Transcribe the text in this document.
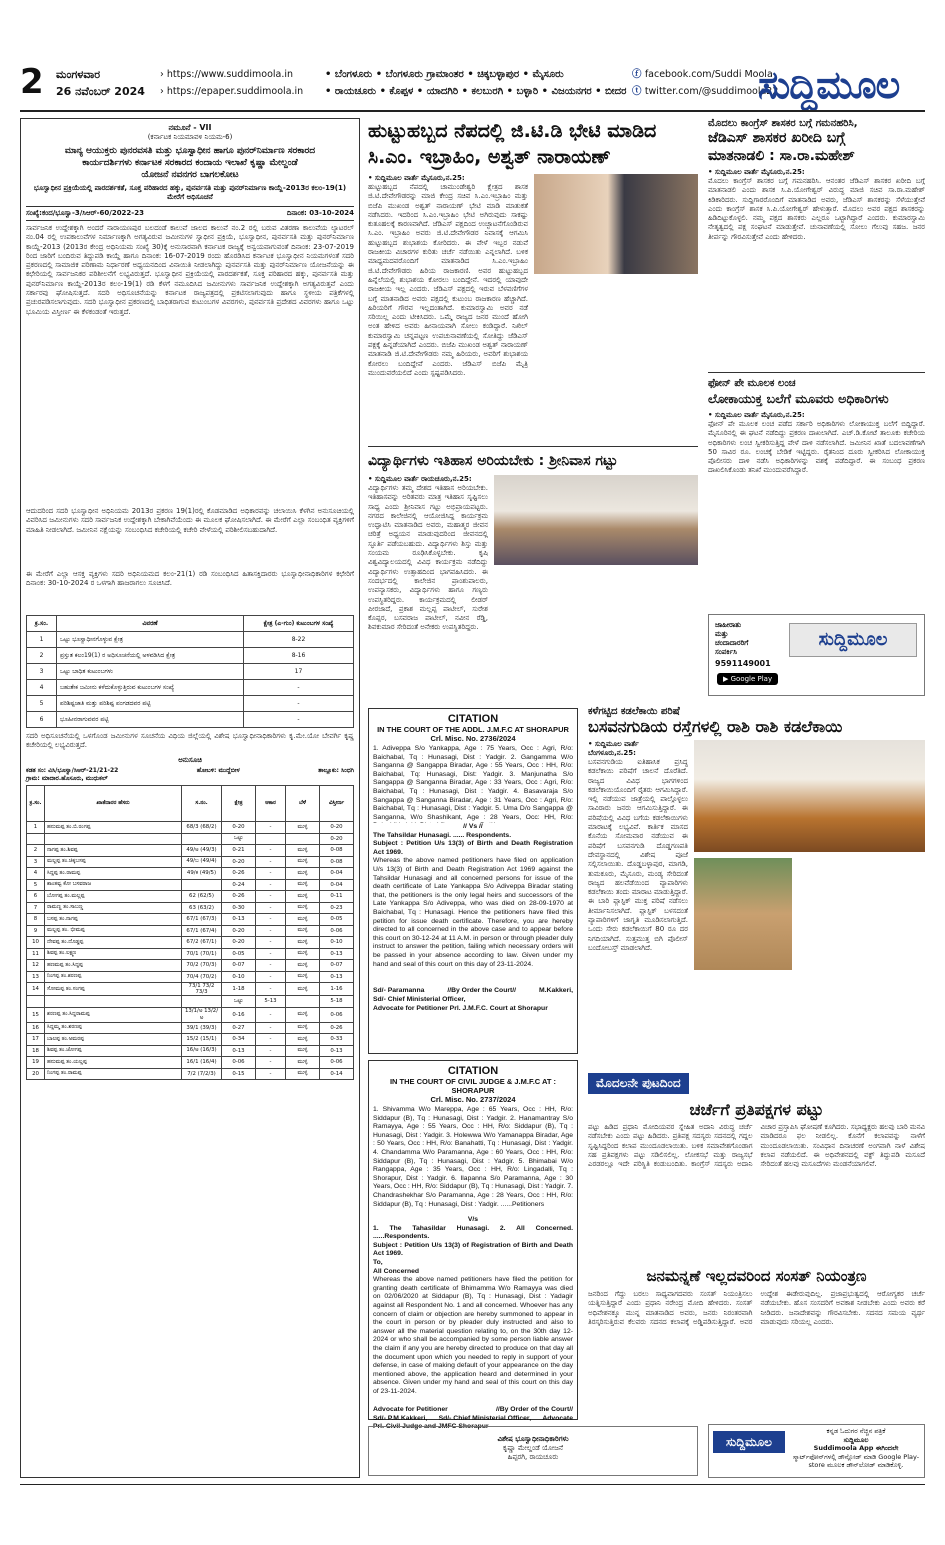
2 ಮಂಗಳವಾರ
26 ನವೆಂಬರ್ 2024
› https://www.suddimoola.in
› https://epaper.suddimoola.in
• ಬೆಂಗಳೂರು • ಬೆಂಗಳೂರು ಗ್ರಾಮಾಂತರ • ಚಿಕ್ಕಬಳ್ಳಾಪುರ • ಮೈಸೂರು
• ರಾಯಚೂರು • ಕೊಪ್ಪಳ • ಯಾದಗಿರಿ • ಕಲಬುರಗಿ • ಬಳ್ಳಾರಿ • ವಿಜಯನಗರ • ಬೀದರ
ⓕ facebook.com/Suddi Moola
ⓣ twitter.com/@suddimoola22
ಸುದ್ದಿಮೂಲ
ನಮೂನೆ - VII
(ಕರ್ನಾಟಕ ನಿಯಮಾವಳಿ ನಿಯಮ-6)
ಮಾನ್ಯ ಆಯುಕ್ತರು ಪುನರವಸತಿ ಮತ್ತು ಭೂಸ್ವಾಧೀನ ಹಾಗೂ ಪುನರ್‌ನಿರ್ಮಾಣ ಸರಕಾರದ
ಕಾರ್ಯದರ್ಶಿಗಳು ಕರ್ನಾಟಕ ಸರಕಾರದ ಕಂದಾಯ ಇಲಾಖೆ ಕೃಷ್ಣಾ ಮೇಲ್ದಂಡೆ
ಯೋಜನೆ ನವನಗರ ಬಾಗಲಕೋಟ
ಭೂಸ್ವಾಧೀನ ಪ್ರಕ್ರಿಯೆಯಲ್ಲಿ ಪಾರದರ್ಶಕತೆ, ಸೂಕ್ತ ಪರಿಹಾರದ ಹಕ್ಕು, ಪುನರ್ವಸತಿ ಮತ್ತು ಪುನರ್‌ನಿರ್ಮಾಣ ಕಾಯ್ದೆ-2013ರ ಕಲಂ-19(1) ಮೇರೆಗೆ ಅಧಿಸೂಚನೆ
ಸಂಖ್ಯೆ:ಕಂದ/ಭೂಸ್ವಾ-3/ಸಿಆರ್-60/2022-23	ದಿನಾಂಕ: 03-10-2024
ಸಾರ್ವಜನಿಕ ಉದ್ದೇಶಕ್ಕಾಗಿ ಅಂದರೆ ನಾರಾಯಣಪುರ ಬಲದಂಡೆ ಕಾಲುವೆ ಜಾಲದ ಕಾಲುವೆ ನಂ.2 ರಲ್ಲಿ ಬರುವ ವಿತರಣಾ ಕಾಲುವೆಯ ಲ್ಯಾಟರಲ್ ನಂ.04 ರಲ್ಲಿ ಉಪಕಾಲುವೆಗಳ ನಿರ್ಮಾಣಕ್ಕಾಗಿ ಅಗತ್ಯವಿರುವ ಜಮೀನುಗಳ ಸ್ವಾಧೀನ ಪ್ರಕ್ರಿಯೆ, ಭೂಸ್ವಾಧೀನ, ಪುನರ್ವಸತಿ ಮತ್ತು ಪುನರ್‌ನಿರ್ಮಾಣ ಕಾಯ್ದೆ-2013 (2013ರ ಕೇಂದ್ರ ಅಧಿನಿಯಮ ಸಂಖ್ಯೆ 30)ಕ್ಕೆ ಅನುಸಾರವಾಗಿ ಕರ್ನಾಟಕ ರಾಜ್ಯಕ್ಕೆ ಅನ್ವಯವಾಗುವಂತೆ ದಿನಾಂಕ: 23-07-2019 ರಿಂದ ಜಾರಿಗೆ ಬಂದಿರುವ ತಿದ್ದುಪಡಿ ಕಾಯ್ದೆ ಹಾಗೂ ದಿನಾಂಕ: 16-07-2019 ರಂದು ಹೊರಡಿಸಿದ ಕರ್ನಾಟಕ ಭೂಸ್ವಾಧೀನ ನಿಯಮಗಳಂತೆ ಸದರಿ ಪ್ರಕರಣದಲ್ಲಿ ಸಾಮಾಜಿಕ ಪರಿಣಾಮ ನಿರ್ಧಾರಣೆ ಅಧ್ಯಯನದಿಂದ ವಿನಾಯಿತಿ ನೀಡಲಾಗಿದ್ದು ಪುನರ್ವಸತಿ ಮತ್ತು ಪುನರ್‌ನಿರ್ಮಾಣ ಯೋಜನೆಯನ್ನು ಈ ಕಛೇರಿಯಲ್ಲಿ ಸಾರ್ವಜನಿಕರ ಪರಿಶೀಲನೆಗೆ ಲಭ್ಯವಿರುತ್ತದೆ. ಭೂಸ್ವಾಧೀನ ಪ್ರಕ್ರಿಯೆಯಲ್ಲಿ ಪಾರದರ್ಶಕತೆ, ಸೂಕ್ತ ಪರಿಹಾರದ ಹಕ್ಕು, ಪುನರ್ವಸತಿ ಮತ್ತು ಪುನರ್‌ನಿರ್ಮಾಣ ಕಾಯ್ದೆ-2013ರ ಕಲಂ-19(1) ರಡಿ ಕೆಳಗೆ ನಮೂದಿಸಿದ ಜಮೀನುಗಳು ಸಾರ್ವಜನಿಕ ಉದ್ದೇಶಕ್ಕಾಗಿ ಅಗತ್ಯವಿರುತ್ತವೆ ಎಂದು ಸರ್ಕಾರವು ಘೋಷಿಸುತ್ತದೆ. ಸದರಿ ಅಧಿಸೂಚನೆಯನ್ನು ಕರ್ನಾಟಕ ರಾಜ್ಯಪತ್ರದಲ್ಲಿ ಪ್ರಕಟಿಸಲಾಗುವುದು ಹಾಗೂ ಸ್ಥಳೀಯ ಪತ್ರಿಕೆಗಳಲ್ಲಿ ಪ್ರಚುರಪಡಿಸಲಾಗುವುದು. ಸದರಿ ಭೂಸ್ವಾಧೀನ ಪ್ರಕರಣದಲ್ಲಿ ಬಾಧಿತರಾಗುವ ಕುಟುಂಬಗಳ ವಿವರಗಳು, ಪುನರ್ವಸತಿ ಪ್ರದೇಶದ ವಿವರಗಳು ಹಾಗೂ ಒಟ್ಟು ಭೂಮಿಯ ವಿಸ್ತೀರ್ಣ ಈ ಕೆಳಕಂಡಂತೆ ಇರುತ್ತದೆ.
ಆದುದರಿಂದ ಸದರಿ ಭೂಸ್ವಾಧೀನ ಅಧಿನಿಯಮ 2013ರ ಪ್ರಕರಣ 19(1)ರಲ್ಲಿ ಕೊಡಮಾಡಿದ ಅಧಿಕಾರವನ್ನು ಚಲಾಯಿಸಿ ಕೆಳಗಿನ ಅನುಸೂಚಿಯಲ್ಲಿ ವಿವರಿಸಿದ ಜಮೀನುಗಳು ಸದರಿ ಸಾರ್ವಜನಿಕ ಉದ್ದೇಶಕ್ಕಾಗಿ ಬೇಕಾಗಿವೆಯೆಂದು ಈ ಮೂಲಕ ಘೋಷಿಸಲಾಗಿದೆ. ಈ ಮೇರೆಗೆ ಎಲ್ಲಾ ಸಂಬಂಧಿತ ವ್ಯಕ್ತಿಗಳಿಗೆ ಮಾಹಿತಿ ನೀಡಲಾಗಿದೆ. ಜಮೀನಿನ ನಕ್ಷೆಯನ್ನು ಸಂಬಂಧಿಸಿದ ಕಚೇರಿಯಲ್ಲಿ ಕಚೇರಿ ವೇಳೆಯಲ್ಲಿ ಪರಿಶೀಲಿಸಬಹುದಾಗಿದೆ.
ಈ ಮೇರೆಗೆ ಎಲ್ಲಾ ಆಸಕ್ತ ವ್ಯಕ್ತಿಗಳು ಸದರಿ ಅಧಿನಿಯಮದ ಕಲಂ-21(1) ರಡಿ ಸಂಬಂಧಿಸಿದ ಹಿತಾಸಕ್ತಿದಾರರು ಭೂಸ್ವಾಧೀನಾಧಿಕಾರಿಗಳ ಕಛೇರಿಗೆ ದಿನಾಂಕ: 30-10-2024 ರ ಒಳಗಾಗಿ ಹಾಜರಾಗಲು ಸೂಚಿಸಿದೆ.
ಕ್ರ.ಸಂ.	ವಿವರಣೆ	ಕ್ಷೇತ್ರ (ಎ-ಗುಂ) ಕುಟುಂಬಗಳ ಸಂಖ್ಯೆ
1	ಒಟ್ಟು ಭೂಸ್ವಾಧೀನಗೊಳ್ಳುವ ಕ್ಷೇತ್ರ	8-22
2	ಪ್ರಸ್ತುತ ಕಲಂ19(1) ರ ಅಧಿಸೂಚನೆಯಲ್ಲಿ ಅಳವಡಿಸಿದ ಕ್ಷೇತ್ರ	8-16
3	ಒಟ್ಟು ಬಾಧಿತ ಕುಟುಂಬಗಳು	17
4	ಬಹುತೇಕ ಜಮೀನು ಕಳೆದುಕೊಳ್ಳುತ್ತಿರುವ ಕುಟುಂಬಗಳ ಸಂಖ್ಯೆ	-
5	ಪರಿಶಿಷ್ಟಜಾತಿ ಮತ್ತು ಪರಿಶಿಷ್ಟ ಪಂಗಡದವರ ಪಟ್ಟಿ	-
6	ಭೂಹೀನರಾಗುವವರ ಪಟ್ಟಿ	-
ಸದರಿ ಅಧಿಸೂಚನೆಯಲ್ಲಿ ಒಳಗೊಂಡ ಜಮೀನುಗಳ ಸೂಚನೆಯ ವಿಧಿಯ ಜಿಲ್ಲೆಯಲ್ಲಿ ವಿಶೇಷ ಭೂಸ್ವಾಧೀನಾಧಿಕಾರಿಗಳು ಕೃ.ಮೇ.ಯೋ ಬೇವರ್ಗಿ ಕೃಷ್ಣ ಕಚೇರಿಯಲ್ಲಿ ಲಭ್ಯವಿರುತ್ತದೆ.
ಅನುಸೂಚಿ
ಕಡತ ಸಂ: ವಿಸಿ/ಭೂಸ್ವಾ/ಸಿಆರ್-21/21-22	ಹೋಬಳಿ: ಮುದ್ದೆಬೀಳ	ತಾಲ್ಲೂಕು: ಸಿಂಧಗಿ
ಗ್ರಾಮ: ಮಾದಾರ.ಹೊಸೂರು, ಮುಧುಕಲ್
ಕ್ರ.ಸಂ.	ಖಾತೆದಾರರ ಹೆಸರು	ಸ.ನಂ.	ಕ್ಷೇತ್ರ	ಆಕಾರ	ಬೆಳೆ	ವಿಸ್ತೀರ್ಣ
1	ಹನುಮಪ್ಪ ತಂ.ಬಿ.ರಂಗಪ್ಪ	68/3 (68/2)	0-20	-	ಮುಳ್ಳಿ	0-20
			ಒಟ್ಟು			0-20
2	ನಾಗಪ್ಪ ತಂ.ಶಿವಪ್ಪ	49/ಅ (49/3)	0-21	-	ಮುಳ್ಳಿ	0-08
3	ಮಲ್ಲಪ್ಪ ತಂ.ಚಿಕ್ಕಬಸಪ್ಪ	49/ಬ (49/4)	0-20	-	ಮುಳ್ಳಿ	0-08
4	ಸಿದ್ದಪ್ಪ ತಂ.ರಾಮಪ್ಪ	49/ಕ (49/5)	0-26	-	ಮುಳ್ಳಿ	0-04
5	ಶಾಂತವ್ವ ಕೋ ಬಸವರಾಜ		0-24	-	ಮುಳ್ಳಿ	0-04
6	ಬೋಗಪ್ಪ ತಂ.ಮಲ್ಲಪ್ಪ	62 (62/5)	0-26	-	ಮುಳ್ಳಿ	0-11
7	ರಾಮಣ್ಣ ತಂ.ಸಾಬಣ್ಣ	63 (63/2)	0-30	-	ಮುಳ್ಳಿ	0-23
8	ಬಸಪ್ಪ ತಂ.ನಾಗಪ್ಪ	67/1 (67/3)	0-13	-	ಮುಳ್ಳಿ	0-05
9	ಮಲ್ಲಪ್ಪ ತಂ. ಭೀಮಪ್ಪ	67/1 (67/4)	0-20	-	ಮುಳ್ಳಿ	0-06
10	ದೇವಪ್ಪ ತಂ.ದೊಡ್ಡಪ್ಪ	67/2 (67/1)	0-20	-	ಮುಳ್ಳಿ	0-10
11	ಶಿವಪ್ಪ ತಂ.ಲಕ್ಷ್ಮಣ	70/1 (70/1)	0-05	-	ಮುಳ್ಳಿ	0-13
12	ಹಣಮಪ್ಪ ತಂ.ಸಿದ್ದಪ್ಪ	70/2 (70/3)	0-07	-	ಮುಳ್ಳಿ	0-07
13	ನಿಂಗಪ್ಪ ತಂ.ಶರಣಪ್ಪ	70/4 (70/2)	0-10	-	ಮುಳ್ಳಿ	0-13
14	ಸೋಮಪ್ಪ ತಂ.ಸಂಗಪ್ಪ	73/1 73/2 73/3	1-18	-	ಮುಳ್ಳಿ	1-16
			ಒಟ್ಟು	5-13		5-18
15	ಶರಣಪ್ಪ ತಂ.ಸಿದ್ದರಾಮಪ್ಪ	13/1/ಅ 13/2/ಅ	0-16	-	ಮುಳ್ಳಿ	0-06
16	ಸಿದ್ದಮ್ಮ ತಂ.ಶರಣಪ್ಪ	39/1 (39/3)	0-27	-	ಮುಳ್ಳಿ	0-26
17	ಬಾಲಪ್ಪ ತಂ.ಅಮರಪ್ಪ	15/2 (15/1)	0-34	-	ಮುಳ್ಳಿ	0-33
18	ಶಿವಪ್ಪ ತಂ.ಜೋಗಪ್ಪ	16/ಅ (16/3)	0-13	-	ಮುಳ್ಳಿ	0-13
19	ಹನುಮಪ್ಪ ತಂ.ಯಲ್ಲಪ್ಪ	16/1 (16/4)	0-06	-	ಮುಳ್ಳಿ	0-06
20	ನಿಂಗಪ್ಪ ತಂ.ರಾಮಪ್ಪ	7/2 (7/2/3)	0-15	-	ಮುಳ್ಳಿ	0-14
ಹುಟ್ಟುಹಬ್ಬದ ನೆಪದಲ್ಲಿ ಜಿ.ಟಿ.ಡಿ ಭೇಟಿ ಮಾಡಿದ
ಸಿ.ಎಂ. ಇಬ್ರಾಹಿಂ, ಅಶ್ವತ್ ನಾರಾಯಣ್
• ಸುದ್ದಿಮೂಲ ವಾರ್ತೆ ಮೈಸೂರು,ನ.25:
ಹುಟ್ಟುಹಬ್ಬದ ನೆಪದಲ್ಲಿ ಚಾಮುಂಡೇಶ್ವರಿ ಕ್ಷೇತ್ರದ ಶಾಸಕ ಜಿ.ಟಿ.ದೇವೇಗೌಡರನ್ನು ಮಾಜಿ ಕೇಂದ್ರ ಸಚಿವ ಸಿ.ಎಂ.ಇಬ್ರಾಹಿಂ ಮತ್ತು ಬಿಜೆಪಿ ಮುಖಂಡ ಅಶ್ವತ್ ನಾರಾಯಣ್ ಭೇಟಿ ಮಾಡಿ ಮಾತುಕತೆ ನಡೆಸಿದರು. ಇದರಿಂದ ಸಿ.ಎಂ.ಇಬ್ರಾಹಿಂ ಭೇಟಿ ಅಗಿರುವುದು ಸಾಕಷ್ಟು ಕುತೂಹಲಕ್ಕೆ ಕಾರಣವಾಗಿದೆ. ಜೆಡಿಎಸ್ ಪಕ್ಷದಿಂದ ಉಚ್ಛಾಟನೆಗೊಂಡಿರುವ ಸಿ.ಎಂ. ಇಬ್ರಾಹಿಂ ಅವರು ಜಿ.ಟಿ.ದೇವೇಗೌಡರ ನಿವಾಸಕ್ಕೆ ಆಗಮಿಸಿ ಹುಟ್ಟುಹಬ್ಬದ ಶುಭಾಶಯ ಕೋರಿದರು. ಈ ವೇಳೆ ಇಬ್ಬರ ನಡುವೆ ರಾಜಕೀಯ ವಿಚಾರಗಳ ಕುರಿತು ಚರ್ಚೆ ನಡೆಯಿತು ಎನ್ನಲಾಗಿದೆ. ಬಳಿಕ ಮಾಧ್ಯಮದವರೊಂದಿಗೆ ಮಾತನಾಡಿದ ಸಿ.ಎಂ.ಇಬ್ರಾಹಿಂ ಜಿ.ಟಿ.ದೇವೇಗೌಡರು ಹಿರಿಯ ರಾಜಕಾರಣಿ. ಅವರ ಹುಟ್ಟುಹಬ್ಬದ ಹಿನ್ನೆಲೆಯಲ್ಲಿ ಶುಭಾಶಯ ಕೋರಲು ಬಂದಿದ್ದೇನೆ. ಇದರಲ್ಲಿ ಯಾವುದೇ ರಾಜಕೀಯ ಇಲ್ಲ ಎಂದರು. ಜೆಡಿಎಸ್ ಪಕ್ಷದಲ್ಲಿ ಇರುವ ಬೆಳವಣಿಗೆಗಳ ಬಗ್ಗೆ ಮಾತನಾಡಿದ ಅವರು ಪಕ್ಷದಲ್ಲಿ ಕುಟುಂಬ ರಾಜಕಾರಣ ಹೆಚ್ಚಾಗಿದೆ. ಹಿರಿಯರಿಗೆ ಗೌರವ ಇಲ್ಲದಂತಾಗಿದೆ. ಕುಮಾರಸ್ವಾಮಿ ಅವರ ನಡೆ ಸರಿಯಿಲ್ಲ ಎಂದು ಟೀಕಿಸಿದರು. ಒಮ್ಮೆ ರಾಜ್ಯದ ಜನರ ಮುಂದೆ ಹೋಗಿ ಅಂತ ಹೇಳಿದ ಅವರು ಹೀನಾಯವಾಗಿ ಸೋಲು ಕಂಡಿದ್ದಾರೆ. ನಿಖಿಲ್ ಕುಮಾರಸ್ವಾಮಿ ಚನ್ನಪಟ್ಟಣ ಉಪಚುನಾವಣೆಯಲ್ಲಿ ಸೋತಿದ್ದು ಜೆಡಿಎಸ್ ಪಕ್ಷಕ್ಕೆ ಹಿನ್ನಡೆಯಾಗಿದೆ ಎಂದರು. ಬಿಜೆಪಿ ಮುಖಂಡ ಅಶ್ವತ್ ನಾರಾಯಣ್ ಮಾತನಾಡಿ ಜಿ.ಟಿ.ದೇವೇಗೌಡರು ನಮ್ಮ ಹಿರಿಯರು, ಅವರಿಗೆ ಶುಭಾಶಯ ಕೋರಲು ಬಂದಿದ್ದೇವೆ ಎಂದರು. ಜೆಡಿಎಸ್ ಬಿಜೆಪಿ ಮೈತ್ರಿ ಮುಂದುವರೆಯಲಿದೆ ಎಂದು ಸ್ಪಷ್ಟಪಡಿಸಿದರು.
ವಿದ್ಯಾರ್ಥಿಗಳು ಇತಿಹಾಸ ಅರಿಯಬೇಕು : ಶ್ರೀನಿವಾಸ ಗಟ್ಟು
• ಸುದ್ದಿಮೂಲ ವಾರ್ತೆ ರಾಯಚೂರು,ನ.25:
ವಿದ್ಯಾರ್ಥಿಗಳು ತಮ್ಮ ದೇಶದ ಇತಿಹಾಸ ಅರಿಯಬೇಕು. ಇತಿಹಾಸವನ್ನು ಅರಿತವರು ಮಾತ್ರ ಇತಿಹಾಸ ಸೃಷ್ಟಿಸಲು ಸಾಧ್ಯ ಎಂದು ಶ್ರೀನಿವಾಸ ಗಟ್ಟು ಅಭಿಪ್ರಾಯಪಟ್ಟರು. ನಗರದ ಕಾಲೇಜಿನಲ್ಲಿ ಆಯೋಜಿಸಿದ್ದ ಕಾರ್ಯಕ್ರಮ ಉದ್ಘಾಟಿಸಿ ಮಾತನಾಡಿದ ಅವರು, ಮಹಾತ್ಮರ ಜೀವನ ಚರಿತ್ರೆ ಅಧ್ಯಯನ ಮಾಡುವುದರಿಂದ ಜೀವನದಲ್ಲಿ ಸ್ಫೂರ್ತಿ ಪಡೆಯಬಹುದು. ವಿದ್ಯಾರ್ಥಿಗಳು ಶಿಸ್ತು ಮತ್ತು ಸಂಯಮ ರೂಢಿಸಿಕೊಳ್ಳಬೇಕು. ಕೃಷಿ ವಿಶ್ವವಿದ್ಯಾಲಯದಲ್ಲಿ ವಿವಿಧ ಕಾರ್ಯಕ್ರಮ ನಡೆದಿದ್ದು ವಿದ್ಯಾರ್ಥಿಗಳು ಉತ್ಸಾಹದಿಂದ ಭಾಗವಹಿಸಿದರು. ಈ ಸಂದರ್ಭದಲ್ಲಿ ಕಾಲೇಜಿನ ಪ್ರಾಂಶುಪಾಲರು, ಉಪನ್ಯಾಸಕರು, ವಿದ್ಯಾರ್ಥಿಗಳು ಹಾಗೂ ಗಣ್ಯರು ಉಪಸ್ಥಿತರಿದ್ದರು. ಕಾರ್ಯಕ್ರಮದಲ್ಲಿ ಲೀಡರ್ ಪೀರಜಾದೆ, ಪ್ರಕಾಶ ಮಲ್ಲಪ್ಪ ಪಾಟೀಲ್, ಸುರೇಶ ಕೊಪ್ಪರ, ಬಸವರಾಜ ಪಾಟೀಲ್, ನವೀನ ರೆಡ್ಡಿ, ಶಿವಕುಮಾರ ಸೇರಿದಂತೆ ಅನೇಕರು ಉಪಸ್ಥಿತರಿದ್ದರು.
CITATION
IN THE COURT OF THE ADDL. J.M.F.C AT SHORAPUR
Crl. Misc. No. 2736/2024
1. Adiveppa S/o Yankappa, Age : 75 Years, Occ : Agri, R/o: Baichabal, Tq : Hunasagi, Dist : Yadgir. 2. Gangamma W/o Sanganna @ Sangappa Biradar, Age : 55 Years, Occ : HH, R/o: Baichabal, Tq: Hunasagi, Dist: Yadgir. 3. Manjunatha S/o Sangappa @ Sanganna Biradar, Age : 33 Years, Occ : Agri, R/o: Baichabal, Tq : Hunasagi, Dist : Yadgir. 4. Basavaraja S/o Sangappa @ Sanganna Biradar, Age : 31 Years, Occ : Agri, R/o: Baichabal, Tq : Hunasagi, Dist : Yadgir. 5. Uma D/o Sangappa @ Sanganna, W/o Shashikant, Age : 28 Years, Occ: HH, R/o:
// Vs //
The Tahsildar Hunasagi. ...... Respondents.
Subject : Petition U/s 13(3) of Birth and Death Registration Act 1969.
Whereas the above named petitioners have filed on application U/s 13(3) of Birth and Death Registration Act 1969 against the Tahsildar Hunasagi and all concerned persons for issue of the death certificate of Late Yankappa S/o Adiveppa Biradar stating that, the petitioners is the only legal heirs and successors of the Late Yankappa S/o Adiveppa, who was died on 28-09-1970 at Baichabal, Tq : Hunasagi. Hence the petitioners have filed this petition for issue death certificate. Therefore, you are hereby directed to all concerned in the above case and to appear before this court on 30-12-24 at 11 A.M. in person or through pleader duly instruct to answer the petition, failing which necessary orders will be passed in your absence according to law. Given under my hand and seal of this court on this day of 23-11-2024.
Sd/- Paramanna	//By Order the Court//	M.Kakkeri,
Sd/- Chief Ministerial Officer,
Advocate for Petitioner Prl. J.M.F.C. Court at Shorapur
CITATION
IN THE COURT OF CIVIL JUDGE & J.M.F.C AT : SHORAPUR
Crl. Misc. No. 2737/2024
1. Shivamma W/o Mareppa, Age : 65 Years, Occ : HH, R/o: Siddapur (B), Tq : Hunasagi, Dist : Yadgir. 2. Hanamantray S/o Ramayya, Age : 55 Years, Occ : HH, R/o: Siddapur (B), Tq : Hunasagi, Dist : Yadgir. 3. Holewwa W/o Yamanappa Biradar, Age : 50 Years, Occ : HH, R/o: Banahatti, Tq : Hunasagi, Dist : Yadgir. 4. Chandamma W/o Paramanna, Age : 60 Years, Occ : HH, R/o: Siddapur (B), Tq : Hunasagi, Dist : Yadgir. 5. Bhimabai W/o Rangappa, Age : 35 Years, Occ : HH, R/o: Lingadalli, Tq : Shorapur, Dist : Yadgir. 6. Ilapanna S/o Paramanna, Age : 30 Years, Occ : HH, R/o: Siddapur (B), Tq : Hunasagi, Dist : Yadgir. 7. Chandrashekhar S/o Paramanna, Age : 28 Years, Occ : HH, R/o: Siddapur (B), Tq : Hunasagi, Dist : Yadgir. ......Petitioners
V/s
1. The Tahasildar Hunasagi. 2. All Concerned. ......Respondents.
Subject : Petition U/s 13(3) of Registration of Birth and Death Act 1969.
To,
All Concerned
Whereas the above named petitioners have filed the petition for granting death certificate of Bhimamma W/o Ramayya was died on 02/06/2020 at Siddapur (B), Tq : Hunasagi, Dist : Yadagir against all Respondent No. 1 and all concerned. Whoever has any concern of claim or objection are hereby summoned to appear in the court in person or by pleader duly instructed and also to answer all the material question relating to, on the 30th day 12-2024 or who shall be accompanied by some person liable answer the claim if any you are hereby directed to produce on that day all the document upon which you needed to reply in support of your defense, in case of making default of your appearance on the day mentioned above, the application heard and determined in your absence. Given under my hand and seal of this court on this day of 23-11-2024.
Advocate for Petitioner	//By Order of the Court//
Sd/- P.M.Kakkeri, Sd/- Chief Ministerial Officer, Advocate
Prl. Civil Judge and JMFC Shorapur
ಮೊದಲು ಕಾಂಗ್ರೆಸ್ ಶಾಸಕರ ಬಗ್ಗೆ ಗಮನಹರಿಸಿ,
ಜೆಡಿಎಸ್ ಶಾಸಕರ ಖರೀದಿ ಬಗ್ಗೆ
ಮಾತನಾಡಲಿ : ಸಾ.ರಾ.ಮಹೇಶ್
• ಸುದ್ದಿಮೂಲ ವಾರ್ತೆ ಮೈಸೂರು,ನ.25:
ಮೊದಲು ಕಾಂಗ್ರೆಸ್ ಶಾಸಕರ ಬಗ್ಗೆ ಗಮನಹರಿಸಿ. ಆನಂತರ ಜೆಡಿಎಸ್ ಶಾಸಕರ ಖರೀದಿ ಬಗ್ಗೆ ಮಾತನಾಡಲಿ ಎಂದು ಶಾಸಕ ಸಿ.ಪಿ.ಯೋಗೇಶ್ವರ್ ವಿರುದ್ಧ ಮಾಜಿ ಸಚಿವ ಸಾ.ರಾ.ಮಹೇಶ್ ಕಿಡಿಕಾರಿದರು. ಸುದ್ದಿಗಾರರೊಂದಿಗೆ ಮಾತನಾಡಿದ ಅವರು, ಜೆಡಿಎಸ್ ಶಾಸಕರನ್ನು ಸೆಳೆಯುತ್ತೇವೆ ಎಂದು ಕಾಂಗ್ರೆಸ್ ಶಾಸಕ ಸಿ.ಪಿ.ಯೋಗೇಶ್ವರ್ ಹೇಳುತ್ತಾರೆ. ಮೊದಲು ಅವರ ಪಕ್ಷದ ಶಾಸಕರನ್ನು ಹಿಡಿದಿಟ್ಟುಕೊಳ್ಳಲಿ. ನಮ್ಮ ಪಕ್ಷದ ಶಾಸಕರು ಎಲ್ಲರೂ ಒಟ್ಟಾಗಿದ್ದಾರೆ ಎಂದರು. ಕುಮಾರಸ್ವಾಮಿ ನೇತೃತ್ವದಲ್ಲಿ ಪಕ್ಷ ಸಂಘಟನೆ ಮಾಡುತ್ತೇವೆ. ಚುನಾವಣೆಯಲ್ಲಿ ಸೋಲು ಗೆಲುವು ಸಹಜ. ಜನರ ತೀರ್ಪನ್ನು ಗೌರವಿಸುತ್ತೇವೆ ಎಂದು ಹೇಳಿದರು.
ಫೋನ್ ಪೇ ಮೂಲಕ ಲಂಚ
ಲೋಕಾಯುಕ್ತ ಬಲೆಗೆ ಮೂವರು ಅಧಿಕಾರಿಗಳು
• ಸುದ್ದಿಮೂಲ ವಾರ್ತೆ ಮೈಸೂರು,ನ.25:
ಫೋನ್ ಪೇ ಮೂಲಕ ಲಂಚ ಪಡೆದ ಸರ್ಕಾರಿ ಅಧಿಕಾರಿಗಳು ಲೋಕಾಯುಕ್ತ ಬಲೆಗೆ ಬಿದ್ದಿದ್ದಾರೆ. ಮೈಸೂರಿನಲ್ಲಿ ಈ ಘಟನೆ ನಡೆದಿದ್ದು ಪ್ರಕರಣ ದಾಖಲಾಗಿದೆ. ಎಚ್.ಡಿ.ಕೋಟೆ ತಾಲೂಕು ಕಚೇರಿಯ ಅಧಿಕಾರಿಗಳು ಲಂಚ ಸ್ವೀಕರಿಸುತ್ತಿದ್ದ ವೇಳೆ ದಾಳಿ ನಡೆಸಲಾಗಿದೆ. ಜಮೀನಿನ ಖಾತೆ ಬದಲಾವಣೆಗಾಗಿ 50 ಸಾವಿರ ರೂ. ಲಂಚಕ್ಕೆ ಬೇಡಿಕೆ ಇಟ್ಟಿದ್ದರು. ರೈತನಿಂದ ದೂರು ಸ್ವೀಕರಿಸಿದ ಲೋಕಾಯುಕ್ತ ಪೊಲೀಸರು ದಾಳಿ ನಡೆಸಿ ಅಧಿಕಾರಿಗಳನ್ನು ವಶಕ್ಕೆ ಪಡೆದಿದ್ದಾರೆ. ಈ ಸಂಬಂಧ ಪ್ರಕರಣ ದಾಖಲಿಸಿಕೊಂಡು ತನಿಖೆ ಮುಂದುವರೆಸಿದ್ದಾರೆ.
ಜಾಹೀರಾತು
ಮತ್ತು
ಚಂದಾದಾರರಿಗೆ
ಸಂಪರ್ಕಿಸಿ
9591149001
ಸುದ್ದಿಮೂಲ
▶ Google Play
ಕಳೆಗಟ್ಟಿದ ಕಡಲೆಕಾಯಿ ಪರಿಷೆ
ಬಸವನಗುಡಿಯ ರಸ್ತೆಗಳಲ್ಲಿ ರಾಶಿ ರಾಶಿ ಕಡಲೆಕಾಯಿ
• ಸುದ್ದಿಮೂಲ ವಾರ್ತೆ ಬೆಂಗಳೂರು,ನ.25:
ಬಸವನಗುಡಿಯ ಐತಿಹಾಸಿಕ ಪ್ರಸಿದ್ಧ ಕಡಲೆಕಾಯಿ ಪರಿಷೆಗೆ ಚಾಲನೆ ದೊರೆತಿದೆ. ರಾಜ್ಯದ ವಿವಿಧ ಭಾಗಗಳಿಂದ ಕಡಲೆಕಾಯಿಯೊಂದಿಗೆ ರೈತರು ಆಗಮಿಸಿದ್ದಾರೆ. ಇಲ್ಲಿ ನಡೆಯುವ ಜಾತ್ರೆಯಲ್ಲಿ ಪಾಲ್ಗೊಳ್ಳಲು ಸಾವಿರಾರು ಜನರು ಆಗಮಿಸುತ್ತಿದ್ದಾರೆ. ಈ ಪರಿಷೆಯಲ್ಲಿ ವಿವಿಧ ಬಗೆಯ ಕಡಲೆಕಾಯಿಗಳು ಮಾರಾಟಕ್ಕೆ ಲಭ್ಯವಿವೆ. ಕಾರ್ತಿಕ ಮಾಸದ ಕೊನೆಯ ಸೋಮವಾರ ನಡೆಯುವ ಈ ಪರಿಷೆಗೆ ಬಸವನಗುಡಿ ದೊಡ್ಡಗಣಪತಿ ದೇವಸ್ಥಾನದಲ್ಲಿ ವಿಶೇಷ ಪೂಜೆ ಸಲ್ಲಿಸಲಾಯಿತು. ದೊಡ್ಡಬಳ್ಳಾಪುರ, ಮಾಗಡಿ, ತುಮಕೂರು, ಮೈಸೂರು, ಮಂಡ್ಯ ಸೇರಿದಂತೆ ರಾಜ್ಯದ ಹಲವೆಡೆಯಿಂದ ವ್ಯಾಪಾರಿಗಳು ಕಡಲೆಕಾಯಿ ತಂದು ಮಾರಾಟ ಮಾಡುತ್ತಿದ್ದಾರೆ. ಈ ಬಾರಿ ಪ್ಲಾಸ್ಟಿಕ್ ಮುಕ್ತ ಪರಿಷೆ ನಡೆಸಲು ತೀರ್ಮಾನಿಸಲಾಗಿದೆ. ಪ್ಲಾಸ್ಟಿಕ್ ಬಳಸದಂತೆ ವ್ಯಾಪಾರಿಗಳಿಗೆ ಜಾಗೃತಿ ಮೂಡಿಸಲಾಗುತ್ತಿದೆ. ಒಂದು ಸೇರು ಕಡಲೆಕಾಯಿಗೆ 80 ರೂ ದರ ನಿಗದಿಯಾಗಿದೆ. ಸುತ್ತಮುತ್ತ ಬಿಗಿ ಪೊಲೀಸ್ ಬಂದೋಬಸ್ತ್ ಮಾಡಲಾಗಿದೆ.
ಮೊದಲನೇ ಪುಟದಿಂದ
ಚರ್ಚೆಗೆ ಪ್ರತಿಪಕ್ಷಗಳ ಪಟ್ಟು
ಪಟ್ಟು ಹಿಡಿದ ಪ್ರಧಾನಿ ಮೋದಿಯವರ ಸ್ನೇಹಿತ ಅದಾನಿ ವಿರುದ್ಧ ಚರ್ಚೆ ನಡೆಸಬೇಕು ಎಂದು ಪಟ್ಟು ಹಿಡಿದರು. ಪ್ರತಿಪಕ್ಷ ಸದಸ್ಯರು ಸದನದಲ್ಲಿ ಗದ್ದಲ ಸೃಷ್ಟಿಸಿದ್ದರಿಂದ ಕಲಾಪ ಮುಂದೂಡಲಾಯಿತು. ಬಳಿಕ ಸಮಾವೇಶಗೊಂಡಾಗ ಸಹ ಪ್ರತಿಪಕ್ಷಗಳು ಪಟ್ಟು ಸಡಿಲಿಸಲಿಲ್ಲ. ಲೋಕಸಭೆ ಮತ್ತು ರಾಜ್ಯಸಭೆ ಎರಡರಲ್ಲೂ ಇದೇ ಪರಿಸ್ಥಿತಿ ಕಂಡುಬಂದಿತು. ಕಾಂಗ್ರೆಸ್ ಸದಸ್ಯರು ಅದಾನಿ ವಿಚಾರ ಪ್ರಸ್ತಾಪಿಸಿ ಘೋಷಣೆ ಕೂಗಿದರು. ಸಭಾಧ್ಯಕ್ಷರು ಹಲವು ಬಾರಿ ಮನವಿ ಮಾಡಿದರೂ ಫಲ ನೀಡಲಿಲ್ಲ. ಕೊನೆಗೆ ಕಲಾಪವನ್ನು ನಾಳೆಗೆ ಮುಂದೂಡಲಾಯಿತು. ಸಂವಿಧಾನ ದಿನಾಚರಣೆ ಅಂಗವಾಗಿ ನಾಳೆ ವಿಶೇಷ ಕಲಾಪ ನಡೆಯಲಿದೆ. ಈ ಅಧಿವೇಶನದಲ್ಲಿ ವಕ್ಫ್ ತಿದ್ದುಪಡಿ ಮಸೂದೆ ಸೇರಿದಂತೆ ಹಲವು ಮಸೂದೆಗಳು ಮಂಡನೆಯಾಗಲಿವೆ.
ಜನಮನ್ನಣೆ ಇಲ್ಲದವರಿಂದ ಸಂಸತ್ ನಿಯಂತ್ರಣ
ಜನರಿಂದ ಗೆದ್ದು ಬರಲು ಸಾಧ್ಯವಾಗದವರು ಸಂಸತ್ ನಿಯಂತ್ರಿಸಲು ಯತ್ನಿಸುತ್ತಿದ್ದಾರೆ ಎಂದು ಪ್ರಧಾನಿ ನರೇಂದ್ರ ಮೋದಿ ಹೇಳಿದರು. ಸಂಸತ್ ಅಧಿವೇಶನಕ್ಕೂ ಮುನ್ನ ಮಾತನಾಡಿದ ಅವರು, ಜನರು ನಿರಂತರವಾಗಿ ತಿರಸ್ಕರಿಸುತ್ತಿರುವ ಕೆಲವರು ಸದನದ ಕಲಾಪಕ್ಕೆ ಅಡ್ಡಿಪಡಿಸುತ್ತಿದ್ದಾರೆ. ಅವರ ಉದ್ದೇಶ ಈಡೇರುವುದಿಲ್ಲ. ಪ್ರಜಾಪ್ರಭುತ್ವದಲ್ಲಿ ಆರೋಗ್ಯಕರ ಚರ್ಚೆ ನಡೆಯಬೇಕು. ಹೊಸ ಸಂಸದರಿಗೆ ಅವಕಾಶ ನೀಡಬೇಕು ಎಂದು ಅವರು ಕರೆ ನೀಡಿದರು. ಜನಾದೇಶವನ್ನು ಗೌರವಿಸಬೇಕು. ಸದನದ ಸಮಯ ವ್ಯರ್ಥ ಮಾಡುವುದು ಸರಿಯಲ್ಲ ಎಂದರು.
ವಿಶೇಷ ಭೂಸ್ವಾಧೀನಾಧಿಕಾರಿಗಳು
ಕೃಷ್ಣಾ ಮೇಲ್ದಂಡೆ ಯೋಜನೆ
ಹಿಪ್ಪರಗಿ, ರಾಯಚೂರು
ಸುದ್ದಿಮೂಲ
ಕನ್ನಡ ಓದುಗರ ನೆಚ್ಚಿನ ಪತ್ರಿಕೆ
ಸುದ್ದಿಮೂಲ
Suddimoola App ಈಗಿಂದಲೇ
ಸ್ಮಾರ್ಟ್‌ಫೋನ್‌ಗಳಲ್ಲಿ ಡೌನ್ಲೋಡ್ ಮಾಡಿ Google Play-
store ಮೂಲಕ ಡೌನ್‌ಲೋಡ್ ಮಾಡಿಕೊಳ್ಳಿ.
